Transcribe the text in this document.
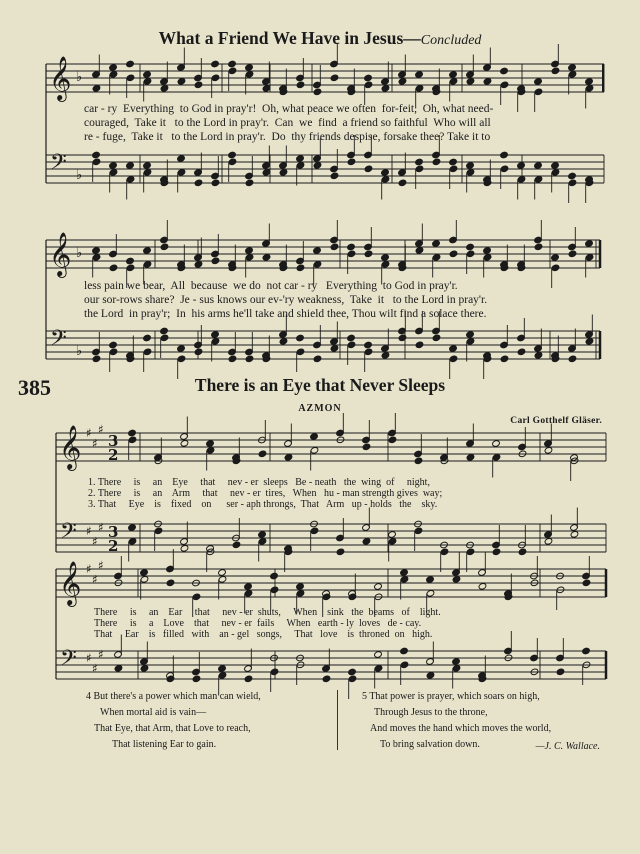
What a Friend We Have in Jesus—Concluded
𝄞
𝄢
♭
♭
𝄞
𝄢
♭
♭
𝄞
𝄢
♯
♯
♯
♯
♯
♯
3
2
3
2
𝄞
𝄢
♯
♯
♯
♯
♯
♯
car - ry  Everything  to God in pray'r!  Oh, what peace we often  for-feit,  Oh, what need-
couraged,  Take it   to the Lord in pray'r.  Can  we  find  a friend so faithful  Who will all
re - fuge,  Take it   to the Lord in pray'r.  Do  thy friends despise, forsake thee? Take it to
less pain we bear,  All  because  we do  not car - ry   Everything  to God in pray'r.
our sor-rows share?  Je - sus knows our ev-'ry weakness,  Take  it   to the Lord in pray'r.
the Lord  in pray'r;  In  his arms he'll take and shield thee, Thou wilt find a solace there.
385	There is an Eye that Never Sleeps
AZMON
Carl Gotthelf Gläser.
1. There     is     an    Eye     that     nev - er  sleeps   Be - neath   the  wing  of     night,
2. There     is     an    Arm     that     nev - er  tires,   When   hu - man strength gives  way;
3. That     Eye    is    fixed    on      ser - aph throngs,  That   Arm   up - holds   the    sky.
There     is     an    Ear     that     nev - er  shuts,     When    sink   the  beams   of    light.
There     is     a    Love    that     nev - er  fails     When   earth - ly  loves   de - cay.
That     Ear    is   filled   with    an - gel   songs,     That   love    is  throned  on   high.
4 But there's a power which man can wield,
When mortal aid is vain—
That Eye, that Arm, that Love to reach,
That listening Ear to gain.
5 That power is prayer, which soars on high,
Through Jesus to the throne,
And moves the hand which moves the world,
To bring salvation down.	—J. C. Wallace.
